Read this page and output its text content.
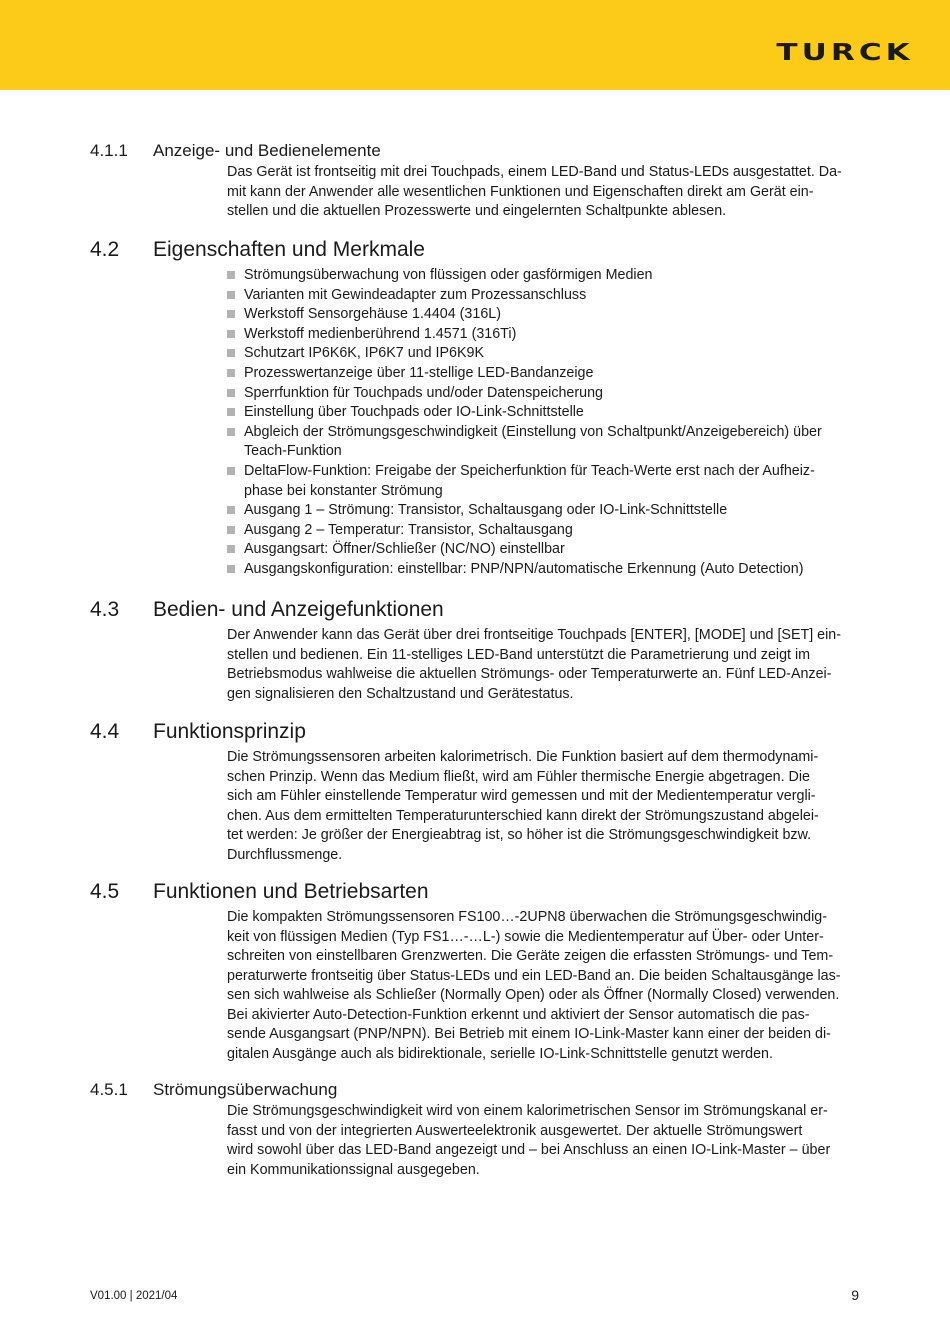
TURCK
4.1.1 Anzeige- und Bedienelemente

Das Gerät ist frontseitig mit drei Touchpads, einem LED-Band und Status-LEDs ausgestattet. Da-
mit kann der Anwender alle wesentlichen Funktionen und Eigenschaften direkt am Gerät ein-
stellen und die aktuellen Prozesswerte und eingelernten Schaltpunkte ablesen.

4.2 Eigenschaften und Merkmale
Strömungsüberwachung von flüssigen oder gasförmigen Medien
Varianten mit Gewindeadapter zum Prozessanschluss
Werkstoff Sensorgehäuse 1.4404 (316L)
Werkstoff medienberührend 1.4571 (316Ti)
Schutzart IP6K6K, IP6K7 und IP6K9K
Prozesswertanzeige über 11-stellige LED-Bandanzeige
Sperrfunktion für Touchpads und/oder Datenspeicherung
Einstellung über Touchpads oder IO-Link-Schnittstelle
Abgleich der Strömungsgeschwindigkeit (Einstellung von Schaltpunkt/Anzeigebereich) über
Teach-Funktion
DeltaFlow-Funktion: Freigabe der Speicherfunktion für Teach-Werte erst nach der Aufheiz-
phase bei konstanter Strömung
Ausgang 1 – Strömung: Transistor, Schaltausgang oder IO-Link-Schnittstelle
Ausgang 2 – Temperatur: Transistor, Schaltausgang
Ausgangsart: Öffner/Schließer (NC/NO) einstellbar
Ausgangskonfiguration: einstellbar: PNP/NPN/automatische Erkennung (Auto Detection)
4.3 Bedien- und Anzeigefunktionen

Der Anwender kann das Gerät über drei frontseitige Touchpads [ENTER], [MODE] und [SET] ein-
stellen und bedienen. Ein 11-stelliges LED-Band unterstützt die Parametrierung und zeigt im
Betriebsmodus wahlweise die aktuellen Strömungs- oder Temperaturwerte an. Fünf LED-Anzei-
gen signalisieren den Schaltzustand und Gerätestatus.

4.4 Funktionsprinzip

Die Strömungssensoren arbeiten kalorimetrisch. Die Funktion basiert auf dem thermodynami-
schen Prinzip. Wenn das Medium fließt, wird am Fühler thermische Energie abgetragen. Die
sich am Fühler einstellende Temperatur wird gemessen und mit der Medientemperatur vergli-
chen. Aus dem ermittelten Temperaturunterschied kann direkt der Strömungszustand abgelei-
tet werden: Je größer der Energieabtrag ist, so höher ist die Strömungsgeschwindigkeit bzw.
Durchflussmenge.

4.5 Funktionen und Betriebsarten

Die kompakten Strömungssensoren FS100…-2UPN8 überwachen die Strömungsgeschwindig-
keit von flüssigen Medien (Typ FS1…-…L-) sowie die Medientemperatur auf Über- oder Unter-
schreiten von einstellbaren Grenzwerten. Die Geräte zeigen die erfassten Strömungs- und Tem-
peraturwerte frontseitig über Status-LEDs und ein LED-Band an. Die beiden Schaltausgänge las-
sen sich wahlweise als Schließer (Normally Open) oder als Öffner (Normally Closed) verwenden.
Bei akivierter Auto-Detection-Funktion erkennt und aktiviert der Sensor automatisch die pas-
sende Ausgangsart (PNP/NPN). Bei Betrieb mit einem IO-Link-Master kann einer der beiden di-
gitalen Ausgänge auch als bidirektionale, serielle IO-Link-Schnittstelle genutzt werden.

4.5.1 Strömungsüberwachung

Die Strömungsgeschwindigkeit wird von einem kalorimetrischen Sensor im Strömungskanal er-
fasst und von der integrierten Auswerteelektronik ausgewertet. Der aktuelle Strömungswert
wird sowohl über das LED-Band angezeigt und – bei Anschluss an einen IO-Link-Master – über
ein Kommunikationssignal ausgegeben.

V01.00 | 2021/04	9
